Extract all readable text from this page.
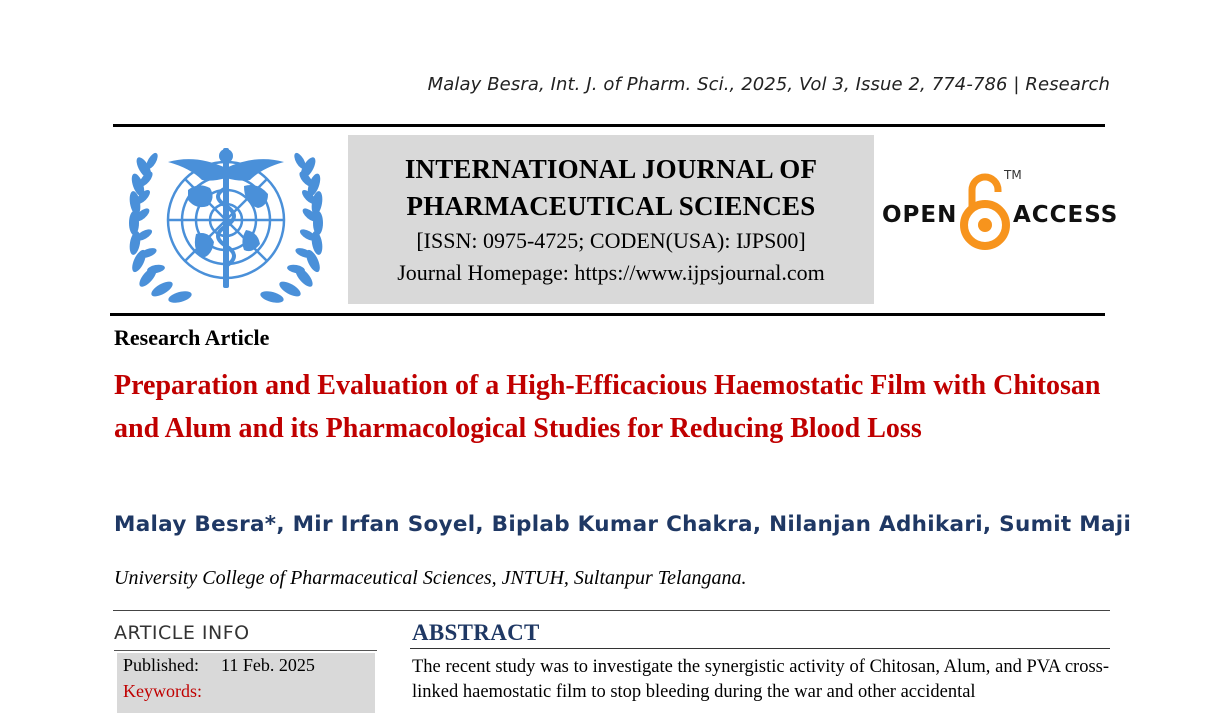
Malay Besra, Int. J. of Pharm. Sci., 2025, Vol 3, Issue 2, 774-786 | Research
INTERNATIONAL JOURNAL OF
PHARMACEUTICAL SCIENCES
[ISSN: 0975-4725; CODEN(USA): IJPS00]
Journal Homepage: https://www.ijpsjournal.com
OPEN
TM
ACCESS
Research Article
Preparation and Evaluation of a High-Efficacious Haemostatic Film with Chitosan and Alum and its Pharmacological Studies for Reducing Blood Loss
Malay Besra*, Mir Irfan Soyel, Biplab Kumar Chakra, Nilanjan Adhikari, Sumit Maji
University College of Pharmaceutical Sciences, JNTUH, Sultanpur Telangana.
ARTICLE INFO
Published: 11 Feb. 2025
Keywords:
ABSTRACT
The recent study was to investigate the synergistic activity of Chitosan, Alum, and PVA cross-linked haemostatic film to stop bleeding during the war and other accidental
